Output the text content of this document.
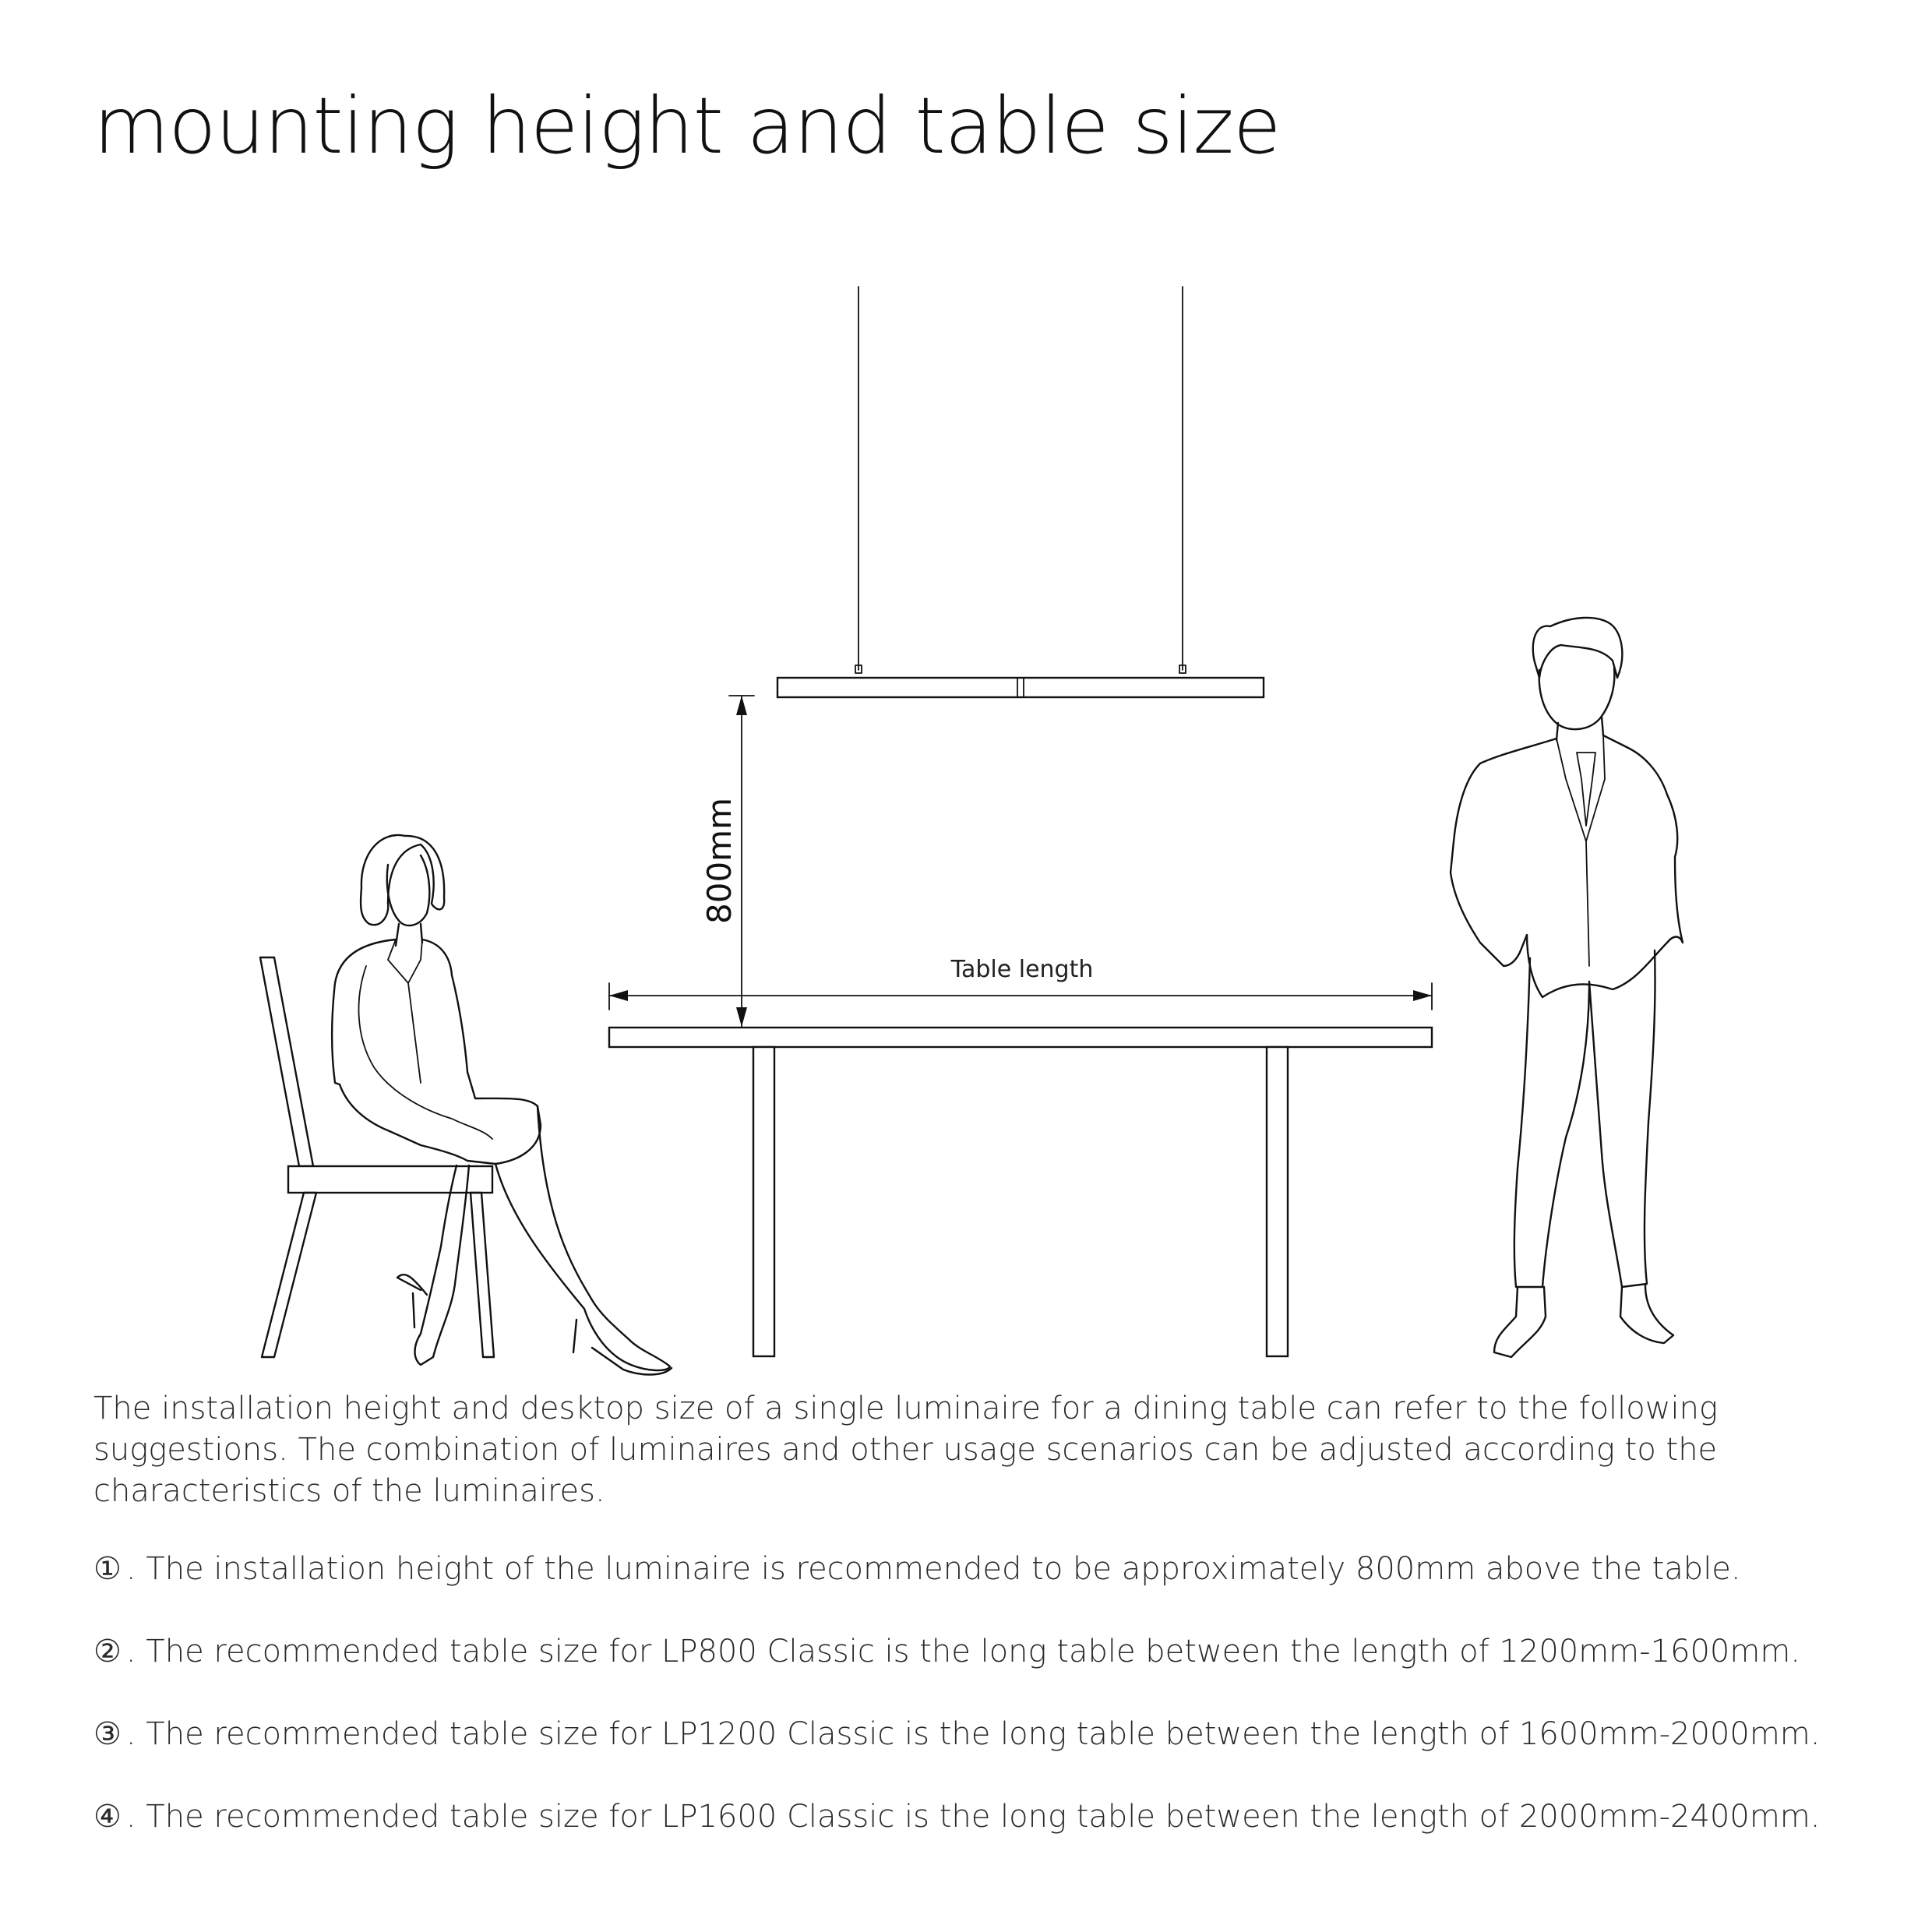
mounting height and table size
800mm
Table length

The installation height and desktop size of a single luminaire for a dining table can refer to the following suggestions. The combination of luminaires and other usage scenarios can be adjusted according to the characteristics of the luminaires.

① . The installation height of the luminaire is recommended to be approximately 800mm above the table.
② . The recommended table size for LP800 Classic is the long table between the length of 1200mm-1600mm.
③ . The recommended table size for LP1200 Classic is the long table between the length of 1600mm-2000mm.
④ . The recommended table size for LP1600 Classic is the long table between the length of 2000mm-2400mm.
